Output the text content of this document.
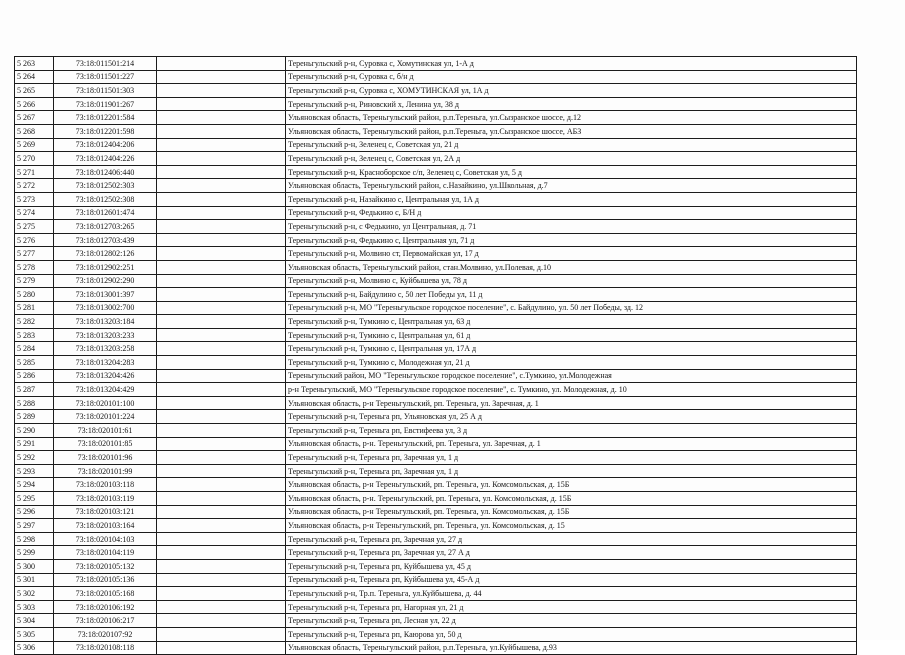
5 263	73:18:011501:214		Тереньгульский р-н, Суровка с, Хомутинская ул, 1-А д
5 264	73:18:011501:227		Тереньгульский р-н, Суровка с, б/н д
5 265	73:18:011501:303		Тереньгульский р-н, Суровка с, ХОМУТИНСКАЯ ул, 1А д
5 266	73:18:011901:267		Тереньгульский р-н, Риновский х, Ленина ул, 38 д
5 267	73:18:012201:584		Ульяновская область, Тереньгульский район, р.п.Тереньга, ул.Сызранское шоссе, д.12
5 268	73:18:012201:598		Ульяновская область, Тереньгульский район, р.п.Тереньга, ул.Сызранское шоссе, АБЗ
5 269	73:18:012404:206		Тереньгульский р-н, Зеленец с, Советская ул, 21 д
5 270	73:18:012404:226		Тереньгульский р-н, Зеленец с, Советская ул, 2А д
5 271	73:18:012406:440		Тереньгульский р-н, Красноборское с/п, Зеленец с, Советская ул, 5 д
5 272	73:18:012502:303		Ульяновская область, Тереньгульский район, с.Назайкино, ул.Школьная, д.7
5 273	73:18:012502:308		Тереньгульский р-н, Назайкино с, Центральная ул, 1А д
5 274	73:18:012601:474		Тереньгульский р-н, Федькино с, Б/Н д
5 275	73:18:012703:265		Тереньгульский р-н, с Федькино, ул Центральная, д. 71
5 276	73:18:012703:439		Тереньгульский р-н, Федькино с, Центральная ул, 71 д
5 277	73:18:012802:126		Тереньгульский р-н, Молвино ст, Первомайская ул, 17 д
5 278	73:18:012902:251		Ульяновская область, Тереньгульский район, стан.Молвино, ул.Полевая, д.10
5 279	73:18:012902:290		Тереньгульский р-н, Молвино с, Куйбышева ул, 78 д
5 280	73:18:013001:397		Тереньгульский р-н, Байдулино с, 50 лет Победы ул, 11 д
5 281	73:18:013002:700		Тереньгульский р-н, МО "Тереньгульское городское поселение", с. Байдулино, ул. 50 лет Победы, зд. 12
5 282	73:18:013203:184		Тереньгульский р-н, Тумкино с, Центральная ул, 63 д
5 283	73:18:013203:233		Тереньгульский р-н, Тумкино с, Центральная ул, 61 д
5 284	73:18:013203:258		Тереньгульский р-н, Тумкино с, Центральная ул, 17А д
5 285	73:18:013204:283		Тереньгульский р-н, Тумкино с, Молодежная ул, 21 д
5 286	73:18:013204:426		Тереньгульский район, МО "Тереньгульское городское поселение", с.Тумкино, ул.Молодежная
5 287	73:18:013204:429		р-н Тереньгульский, МО "Тереньгульское городское поселение", с. Тумкино, ул. Молодежная, д. 10
5 288	73:18:020101:100		Ульяновская область, р-н Тереньгульский, рп. Тереньга, ул. Заречная, д. 1
5 289	73:18:020101:224		Тереньгульский р-н, Тереньга рп, Ульяновская ул, 25 А д
5 290	73:18:020101:61		Тереньгульский р-н, Тереньга рп, Евстифеева ул, 3 д
5 291	73:18:020101:85		Ульяновская область, р-н. Тереньгульский, рп. Тереньга, ул. Заречная, д. 1
5 292	73:18:020101:96		Тереньгульский р-н, Тереньга рп, Заречная ул, 1 д
5 293	73:18:020101:99		Тереньгульский р-н, Тереньга рп, Заречная ул, 1 д
5 294	73:18:020103:118		Ульяновская область, р-н Тереньгульский, рп. Тереньга, ул. Комсомольская, д. 15Б
5 295	73:18:020103:119		Ульяновская область, р-н. Тереньгульский, рп. Тереньга, ул. Комсомольская, д. 15Б
5 296	73:18:020103:121		Ульяновская область, р-н Тереньгульский, рп. Тереньга, ул. Комсомольская, д. 15Б
5 297	73:18:020103:164		Ульяновская область, р-н Тереньгульский, рп. Тереньга, ул. Комсомольская, д. 15
5 298	73:18:020104:103		Тереньгульский р-н, Тереньга рп, Заречная ул, 27 д
5 299	73:18:020104:119		Тереньгульский р-н, Тереньга рп, Заречная ул, 27 А д
5 300	73:18:020105:132		Тереньгульский р-н, Тереньга рп, Куйбышева ул, 45 д
5 301	73:18:020105:136		Тереньгульский р-н, Тереньга рп, Куйбышева ул, 45-А д
5 302	73:18:020105:168		Тереньгульский р-н, Тр.п. Тереньга, ул.Куйбышева, д. 44
5 303	73:18:020106:192		Тереньгульский р-н, Тереньга рп, Нагорная ул, 21 д
5 304	73:18:020106:217		Тереньгульский р-н, Тереньга рп, Лесная ул, 22 д
5 305	73:18:020107:92		Тереньгульский р-н, Тереньга рп, Каюрова ул, 50 д
5 306	73:18:020108:118		Ульяновская область, Тереньгульский район, р.п.Тереньга, ул.Куйбышева, д.93
